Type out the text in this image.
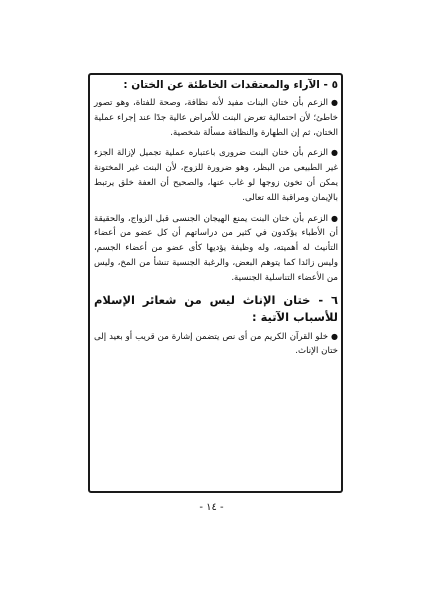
٥ - الآراء والمعتقدات الخاطئة عن الختان :

●الزعم بأن ختان البنات مفيد لأنه نظافة، وصحة للفتاة، وهو تصور خاطئ؛ لأن احتمالية تعرض البنت للأمراض عالية جدًا عند إجراء عملية الختان، ثم إن الطهارة والنظافة مسألة شخصية.

●الزعم بأن ختان البنت ضرورى باعتباره عملية تجميل لإزالة الجزء غير الطبيعى من البظر، وهو ضرورة للزوج، لأن البنت غير المختونة يمكن أن تخون زوجها لو غاب عنها، والصحيح أن العفة خلق يرتبط بالإيمان ومراقبة الله تعالى.

●الزعم بأن ختان البنت يمنع الهيجان الجنسى قبل الزواج، والحقيقة أن الأطباء يؤكدون في كثير من دراساتهم أن كل عضو من أعضاء التأنيث له أهميته، وله وظيفة يؤديها كأى عضو من أعضاء الجسم، وليس زائدا كما يتوهم البعض، والرغبة الجنسية تنشأ من المخ، وليس من الأعضاء التناسلية الجنسية.

٦ - ختان الإناث ليس من شعائر الإسلام للأسباب الآتية :

●خلو القرآن الكريم من أى نص يتضمن إشارة من قريب أو بعيد إلى ختان الإناث.

- ١٤ -
